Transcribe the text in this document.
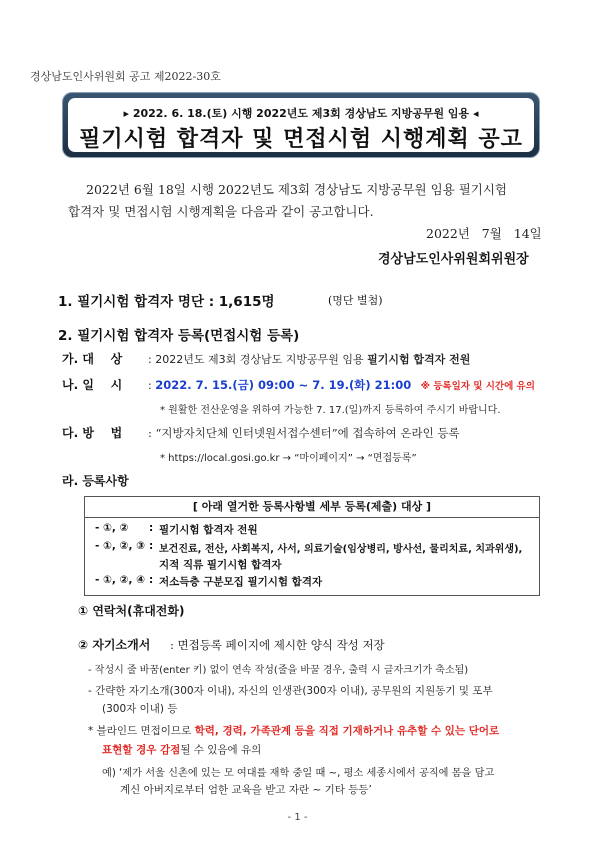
경상남도인사위원회 공고 제2022-30호
▸ 2022. 6. 18.(토) 시행 2022년도 제3회 경상남도 지방공무원 임용 ◂
필기시험 합격자 및 면접시험 시행계획 공고
2022년 6월 18일 시행 2022년도 제3회 경상남도 지방공무원 임용 필기시험
합격자 및 면접시험 시행계획을 다음과 같이 공고합니다.
2022년   7월   14일
경상남도인사위원회위원장
1. 필기시험 합격자 명단 : 1,615명	(명단 별첨)
2. 필기시험 합격자 등록(면접시험 등록)
가. 대    상 : 2022년도 제3회 경상남도 지방공무원 임용 필기시험 합격자 전원
나. 일    시 : 2022. 7. 15.(금) 09:00 ~ 7. 19.(화) 21:00 ※ 등록일자 및 시간에 유의
* 원활한 전산운영을 위하여 가능한 7. 17.(일)까지 등록하여 주시기 바랍니다.
다. 방    법 : “지방자치단체 인터넷원서접수센터”에 접속하여 온라인 등록
* https://local.gosi.go.kr → “마이페이지” → “면접등록”
라. 등록사항
[ 아래 열거한 등록사항별 세부 등록(제출) 대상 ]
- ①, ② : 필기시험 합격자 전원
- ①, ②, ③ : 보건진료, 전산, 사회복지, 사서, 의료기술(임상병리, 방사선, 물리치료, 치과위생),
지적 직류 필기시험 합격자
- ①, ②, ④ : 저소득층 구분모집 필기시험 합격자
① 연락처(휴대전화)
② 자기소개서 : 면접등록 페이지에 제시한 양식 작성 저장
- 작성시 줄 바꿈(enter 키) 없이 연속 작성(줄을 바꿀 경우, 출력 시 글자크기가 축소됨)
- 간략한 자기소개(300자 이내), 자신의 인생관(300자 이내), 공무원의 지원동기 및 포부
(300자 이내) 등
* 블라인드 면접이므로 학력, 경력, 가족관계 등을 직접 기재하거나 유추할 수 있는 단어로
표현할 경우 감점될 수 있음에 유의
예) ‘제가 서울 신촌에 있는 모 여대를 재학 중일 때 ~, 평소 세종시에서 공직에 몸을 담고
계신 아버지로부터 엄한 교육을 받고 자란 ~ 기타 등등’
- 1 -
